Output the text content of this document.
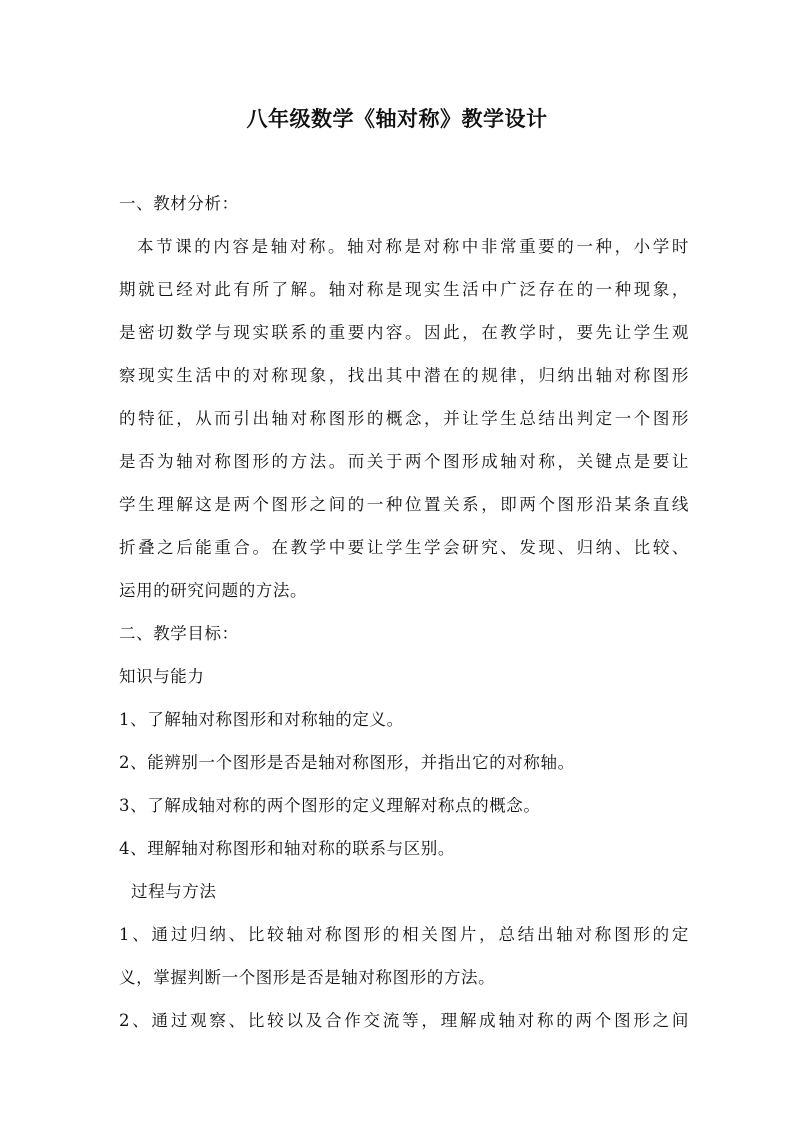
八年级数学《轴对称》教学设计
一、教材分析：
本节课的内容是轴对称。轴对称是对称中非常重要的一种，小学时
期就已经对此有所了解。轴对称是现实生活中广泛存在的一种现象，
是密切数学与现实联系的重要内容。因此，在教学时，要先让学生观
察现实生活中的对称现象，找出其中潜在的规律，归纳出轴对称图形
的特征，从而引出轴对称图形的概念，并让学生总结出判定一个图形
是否为轴对称图形的方法。而关于两个图形成轴对称，关键点是要让
学生理解这是两个图形之间的一种位置关系，即两个图形沿某条直线
折叠之后能重合。在教学中要让学生学会研究、发现、归纳、比较、
运用的研究问题的方法。
二、教学目标：
知识与能力
1、了解轴对称图形和对称轴的定义。
2、能辨别一个图形是否是轴对称图形，并指出它的对称轴。
3、了解成轴对称的两个图形的定义理解对称点的概念。
4、理解轴对称图形和轴对称的联系与区别。
过程与方法
1、通过归纳、比较轴对称图形的相关图片，总结出轴对称图形的定
义，掌握判断一个图形是否是轴对称图形的方法。
2、通过观察、比较以及合作交流等，理解成轴对称的两个图形之间
